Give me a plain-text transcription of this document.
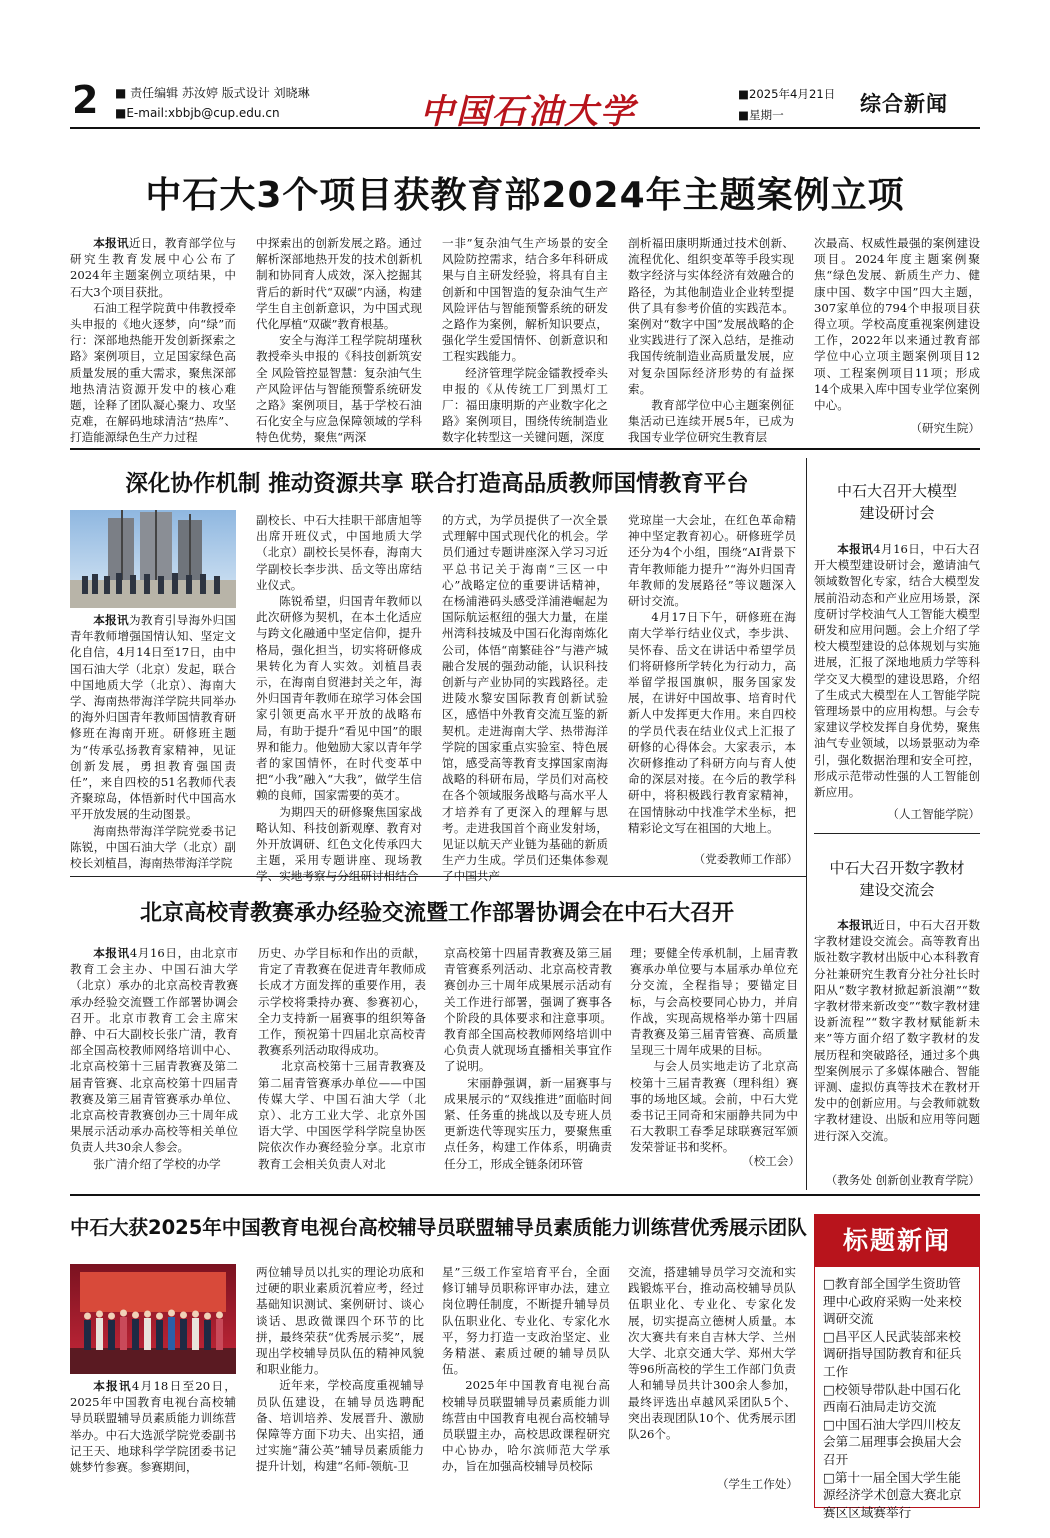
2 ■ 责任编辑 苏汝婷 版式设计 刘晓琳
■E-mail:xbbjb@cup.edu.cn	中国石油大学	■2025年4月21日
■星期一	综合新闻
中石大3个项目获教育部2024年主题案例立项

本报讯近日，教育部学位与研究生教育发展中心公布了2024年主题案例立项结果，中石大3个项目获批。

石油工程学院黄中伟教授牵头申报的《地火逐梦，向“绿”而行：深部地热能开发创新探索之路》案例项目，立足国家绿色高质量发展的重大需求，聚焦深部地热清洁资源开发中的核心难题，诠释了团队凝心聚力、攻坚克难，在解码地球清洁“热库”、打造能源绿色生产力过程

中探索出的创新发展之路。通过解析深部地热开发的技术创新机制和协同育人成效，深入挖掘其背后的新时代“双碳”内涵，构建学生自主创新意识，为中国式现代化厚植“双碳”教育根基。

安全与海洋工程学院胡瑾秋教授牵头申报的《科技创新筑安全 风险管控显智慧：复杂油气生产风险评估与智能预警系统研发之路》案例项目，基于学校石油石化安全与应急保障领域的学科特色优势，聚焦“两深

一非”复杂油气生产场景的安全风险防控需求，结合多年科研成果与自主研发经验，将具有自主创新和中国智造的复杂油气生产风险评估与智能预警系统的研发之路作为案例，解析知识要点，强化学生爱国情怀、创新意识和工程实践能力。

经济管理学院金镭教授牵头申报的《从传统工厂到黑灯工厂：福田康明斯的产业数字化之路》案例项目，围绕传统制造业数字化转型这一关键问题，深度

剖析福田康明斯通过技术创新、流程优化、组织变革等手段实现数字经济与实体经济有效融合的路径，为其他制造业企业转型提供了具有参考价值的实践范本。案例对“数字中国”发展战略的企业实践进行了深入总结，是推动我国传统制造业高质量发展，应对复杂国际经济形势的有益探索。

教育部学位中心主题案例征集活动已连续开展5年，已成为我国专业学位研究生教育层

次最高、权威性最强的案例建设项目。2024年度主题案例聚焦“绿色发展、新质生产力、健康中国、数字中国”四大主题，307家单位的794个申报项目获得立项。学校高度重视案例建设工作，2022年以来通过教育部学位中心立项主题案例项目12项、工程案例项目11项；形成14个成果入库中国专业学位案例中心。

（研究生院）
深化协作机制 推动资源共享 联合打造高品质教师国情教育平台

本报讯为教育引导海外归国青年教师增强国情认知、坚定文化自信，4月14日至17日，由中国石油大学（北京）发起，联合中国地质大学（北京）、海南大学、海南热带海洋学院共同举办的海外归国青年教师国情教育研修班在海南开班。研修班主题为“传承弘扬教育家精神，见证创新发展，勇担教育强国责任”，来自四校的51名教师代表齐聚琼岛，体悟新时代中国高水平开放发展的生动图景。

海南热带海洋学院党委书记陈锐，中国石油大学（北京）副校长刘植昌，海南热带海洋学院

副校长、中石大挂职干部唐旭等出席开班仪式，中国地质大学（北京）副校长吴怀春，海南大学副校长李步洪、岳文等出席结业仪式。

陈锐希望，归国青年教师以此次研修为契机，在本土化适应与跨文化融通中坚定信仰，提升格局，强化担当，切实将研修成果转化为育人实效。刘植昌表示，在海南自贸港封关之年，海外归国青年教师在琼学习体会国家引领更高水平开放的战略布局，有助于提升“看见中国”的眼界和能力。他勉励大家以青年学者的家国情怀，在时代变革中把“小我”融入“大我”，做学生信赖的良师，国家需要的英才。

为期四天的研修聚焦国家战略认知、科技创新观摩、教育对外开放调研、红色文化传承四大主题，采用专题讲座、现场教学、实地考察与分组研讨相结合

的方式，为学员提供了一次全景式理解中国式现代化的机会。学员们通过专题讲座深入学习习近平总书记关于海南“三区一中心”战略定位的重要讲话精神，在杨浦港码头感受洋浦港崛起为国际航运枢纽的强大力量，在崖州湾科技城及中国石化海南炼化公司，体悟“南繁硅谷”与港产城融合发展的强劲动能，认识科技创新与产业协同的实践路径。走进陵水黎安国际教育创新试验区，感悟中外教育交流互鉴的新契机。走进海南大学、热带海洋学院的国家重点实验室、特色展馆，感受高等教育支撑国家南海战略的科研布局，学员们对高校在各个领域服务战略与高水平人才培养有了更深入的理解与思考。走进我国首个商业发射场，见证以航天产业链为基础的新质生产力生成。学员们还集体参观了中国共产

党琼崖一大会址，在红色革命精神中坚定教育初心。研修班学员还分为4个小组，围绕“AI背景下青年教师能力提升”“海外归国青年教师的发展路径”等议题深入研讨交流。

4月17日下午，研修班在海南大学举行结业仪式，李步洪、吴怀春、岳文在讲话中希望学员们将研修所学转化为行动力，高举留学报国旗帜，服务国家发展，在讲好中国故事、培育时代新人中发挥更大作用。来自四校的学员代表在结业仪式上汇报了研修的心得体会。大家表示，本次研修推动了科研方向与育人使命的深层对接。在今后的教学科研中，将积极践行教育家精神，在国情脉动中找准学术坐标，把精彩论文写在祖国的大地上。

（党委教师工作部）
中石大召开大模型
建设研讨会

本报讯4月16日，中石大召开大模型建设研讨会，邀请油气领域数智化专家，结合大模型发展前沿动态和产业应用场景，深度研讨学校油气人工智能大模型研发和应用问题。会上介绍了学校大模型建设的总体规划与实施进展，汇报了深地地质力学等科学交叉大模型的建设思路，介绍了生成式大模型在人工智能学院管理场景中的应用构想。与会专家建议学校发挥自身优势，聚焦油气专业领域，以场景驱动为牵引，强化数据治理和安全可控，形成示范带动性强的人工智能创新应用。

（人工智能学院）
中石大召开数字教材
建设交流会

本报讯近日，中石大召开数字教材建设交流会。高等教育出版社数字教材出版中心本科教育分社兼研究生教育分社分社长时阳从“数字教材掀起新浪潮”“数字教材带来新改变”“数字教材建设新流程”“数字教材赋能新未来”等方面介绍了数字教材的发展历程和突破路径，通过多个典型案例展示了多媒体融合、智能评测、虚拟仿真等技术在教材开发中的创新应用。与会教师就数字教材建设、出版和应用等问题进行深入交流。

（教务处 创新创业教育学院）
北京高校青教赛承办经验交流暨工作部署协调会在中石大召开

本报讯4月16日，由北京市教育工会主办、中国石油大学（北京）承办的北京高校青教赛承办经验交流暨工作部署协调会召开。北京市教育工会主席宋静、中石大副校长张广清，教育部全国高校教师网络培训中心、北京高校第十三届青教赛及第二届青管赛、北京高校第十四届青教赛及第三届青管赛承办单位、北京高校青教赛创办三十周年成果展示活动承办高校等相关单位负责人共30余人参会。

张广清介绍了学校的办学

历史、办学目标和作出的贡献，肯定了青教赛在促进青年教师成长成才方面发挥的重要作用，表示学校将秉持办赛、参赛初心，全力支持新一届赛事的组织筹备工作，预祝第十四届北京高校青教赛系列活动取得成功。

北京高校第十三届青教赛及第二届青管赛承办单位——中国传媒大学、中国石油大学（北京）、北方工业大学、北京外国语大学、中国医学科学院皇协医院依次作办赛经验分享。北京市教育工会相关负责人对北

京高校第十四届青教赛及第三届青管赛系列活动、北京高校青教赛创办三十周年成果展示活动有关工作进行部署，强调了赛事各个阶段的具体要求和注意事项。教育部全国高校教师网络培训中心负责人就现场直播相关事宜作了说明。

宋丽静强调，新一届赛事与成果展示的“双线推进”面临时间紧、任务重的挑战以及专班人员更新迭代等现实压力，要聚焦重点任务，构建工作体系，明确责任分工，形成全链条闭环管

理；要健全传承机制，上届青教赛承办单位要与本届承办单位充分交流，全程指导；要锚定目标，与会高校要同心协力，并肩作战，实现高规格举办第十四届青教赛及第三届青管赛、高质量呈现三十周年成果的目标。

与会人员实地走访了北京高校第十三届青教赛（理科组）赛事的场地区域。会前，中石大党委书记王同奇和宋丽静共同为中石大教职工春季足球联赛冠军颁发荣誉证书和奖杯。

（校工会）
中石大获2025年中国教育电视台高校辅导员联盟辅导员素质能力训练营优秀展示团队

本报讯4月18日至20日，2025年中国教育电视台高校辅导员联盟辅导员素质能力训练营举办。中石大选派学院党委副书记王天、地球科学学院团委书记姚梦竹参赛。参赛期间，

两位辅导员以扎实的理论功底和过硬的职业素质沉着应考，经过基础知识测试、案例研讨、谈心谈话、思政微课四个环节的比拼，最终荣获“优秀展示奖”，展现出学校辅导员队伍的精神风貌和职业能力。

近年来，学校高度重视辅导员队伍建设，在辅导员选聘配备、培训培养、发展晋升、激励保障等方面下功夫、出实招，通过实施“蒲公英”辅导员素质能力提升计划，构建“名师-领航-卫

星”三级工作室培育平台，全面修订辅导员职称评审办法，建立岗位聘任制度，不断提升辅导员队伍职业化、专业化、专家化水平，努力打造一支政治坚定、业务精湛、素质过硬的辅导员队伍。

2025年中国教育电视台高校辅导员联盟辅导员素质能力训练营由中国教育电视台高校辅导员联盟主办，高校思政课程研究中心协办，哈尔滨师范大学承办，旨在加强高校辅导员校际

交流，搭建辅导员学习交流和实践锻炼平台，推动高校辅导员队伍职业化、专业化、专家化发展，切实提高立德树人质量。本次大赛共有来自吉林大学、兰州大学、北京交通大学、郑州大学等96所高校的学生工作部门负责人和辅导员共计300余人参加，最终评选出卓越风采团队5个、突出表现团队10个、优秀展示团队26个。

（学生工作处）
标题新闻

□教育部全国学生资助管理中心政府采购一处来校调研交流

□昌平区人民武装部来校调研指导国防教育和征兵工作

□校领导带队赴中国石化西南石油局走访交流

□中国石油大学四川校友会第二届理事会换届大会召开

□第十一届全国大学生能源经济学术创意大赛北京赛区区域赛举行
